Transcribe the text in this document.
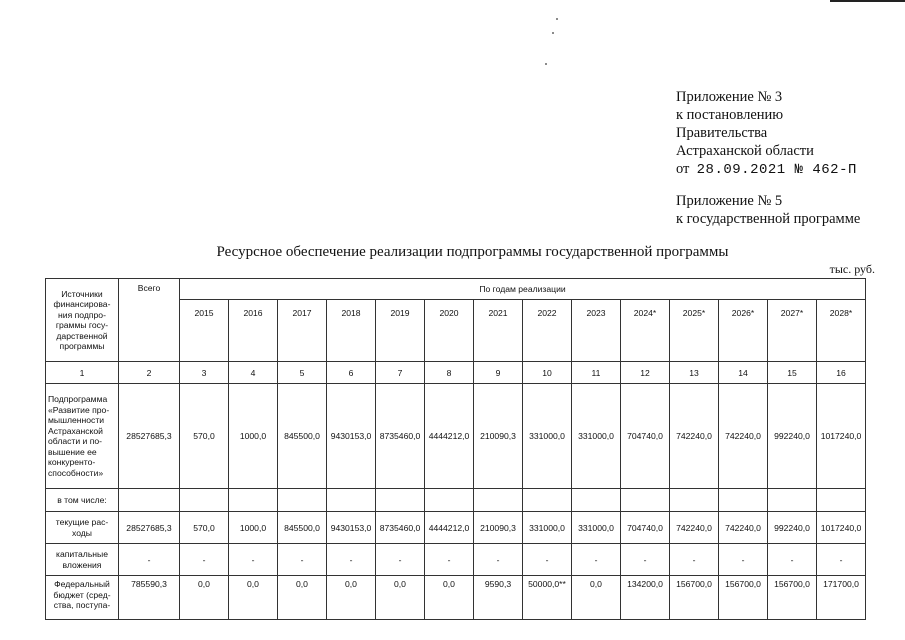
Приложение № 3
к постановлению
Правительства
Астраханской области
от 28.09.2021 № 462-П
Приложение № 5
к государственной программе
Ресурсное обеспечение реализации подпрограммы государственной программы
тыс. руб.
Источники финансирова-ния подпро-граммы госу-дарственной программы	Всего	По годам реализации													
		2015	2016	2017	2018	2019	2020	2021	2022	2023	2024*	2025*	2026*	2027*	2028*
1	2	3	4	5	6	7	8	9	10	11	12	13	14	15	16
Подпрограмма «Развитие про-мышленности Астраханской области и по-вышение ее конкуренто-способности»	28527685,3	570,0	1000,0	845500,0	9430153,0	8735460,0	4444212,0	210090,3	331000,0	331000,0	704740,0	742240,0	742240,0	992240,0	1017240,0
в том числе:															
текущие рас-ходы	28527685,3	570,0	1000,0	845500,0	9430153,0	8735460,0	4444212,0	210090,3	331000,0	331000,0	704740,0	742240,0	742240,0	992240,0	1017240,0
капитальные вложения	-	-	-	-	-	-	-	-	-	-	-	-	-	-	-
Федеральный бюджет (сред-ства, поступа-	785590,3	0,0	0,0	0,0	0,0	0,0	0,0	9590,3	50000,0**	0,0	134200,0	156700,0	156700,0	156700,0	171700,0
